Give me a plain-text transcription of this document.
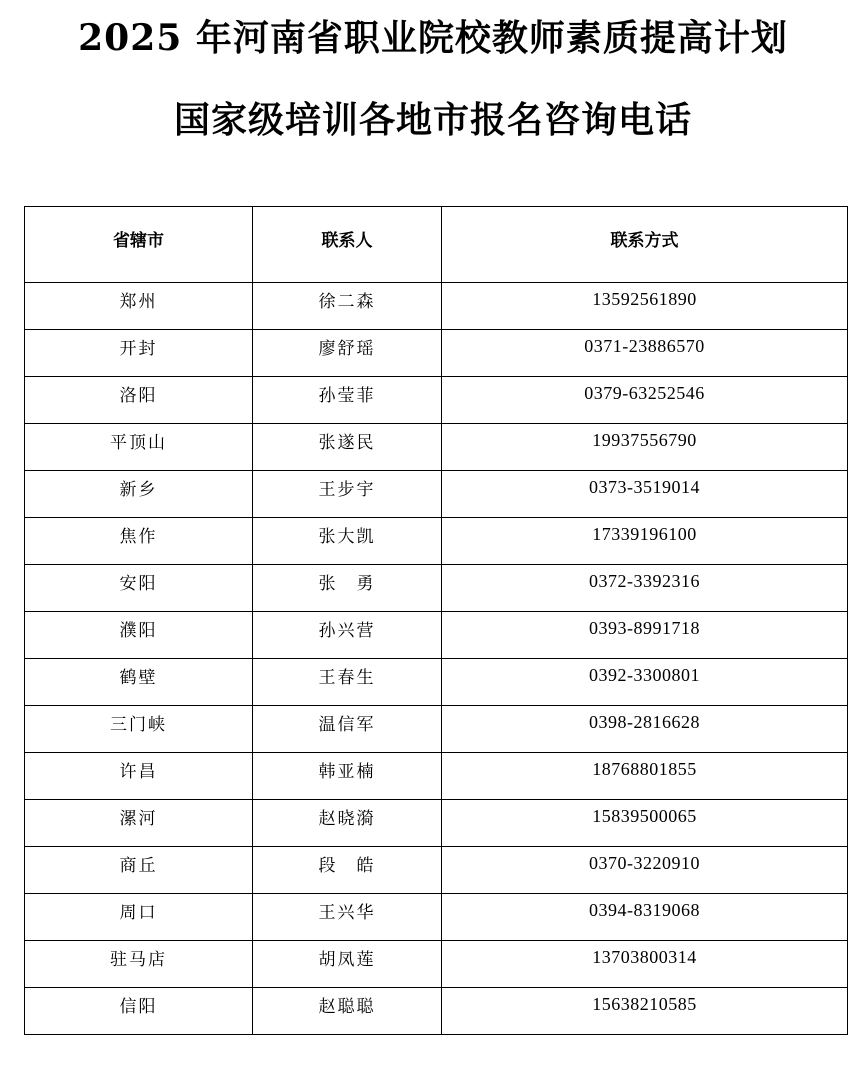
2025 年河南省职业院校教师素质提高计划
国家级培训各地市报名咨询电话
省辖市	联系人	联系方式
郑州	徐二森	13592561890
开封	廖舒瑶	0371-23886570
洛阳	孙莹菲	0379-63252546
平顶山	张遂民	19937556790
新乡	王步宇	0373-3519014
焦作	张大凯	17339196100
安阳	张　勇	0372-3392316
濮阳	孙兴营	0393-8991718
鹤壁	王春生	0392-3300801
三门峡	温信军	0398-2816628
许昌	韩亚楠	18768801855
漯河	赵晓漪	15839500065
商丘	段　皓	0370-3220910
周口	王兴华	0394-8319068
驻马店	胡凤莲	13703800314
信阳	赵聪聪	15638210585
